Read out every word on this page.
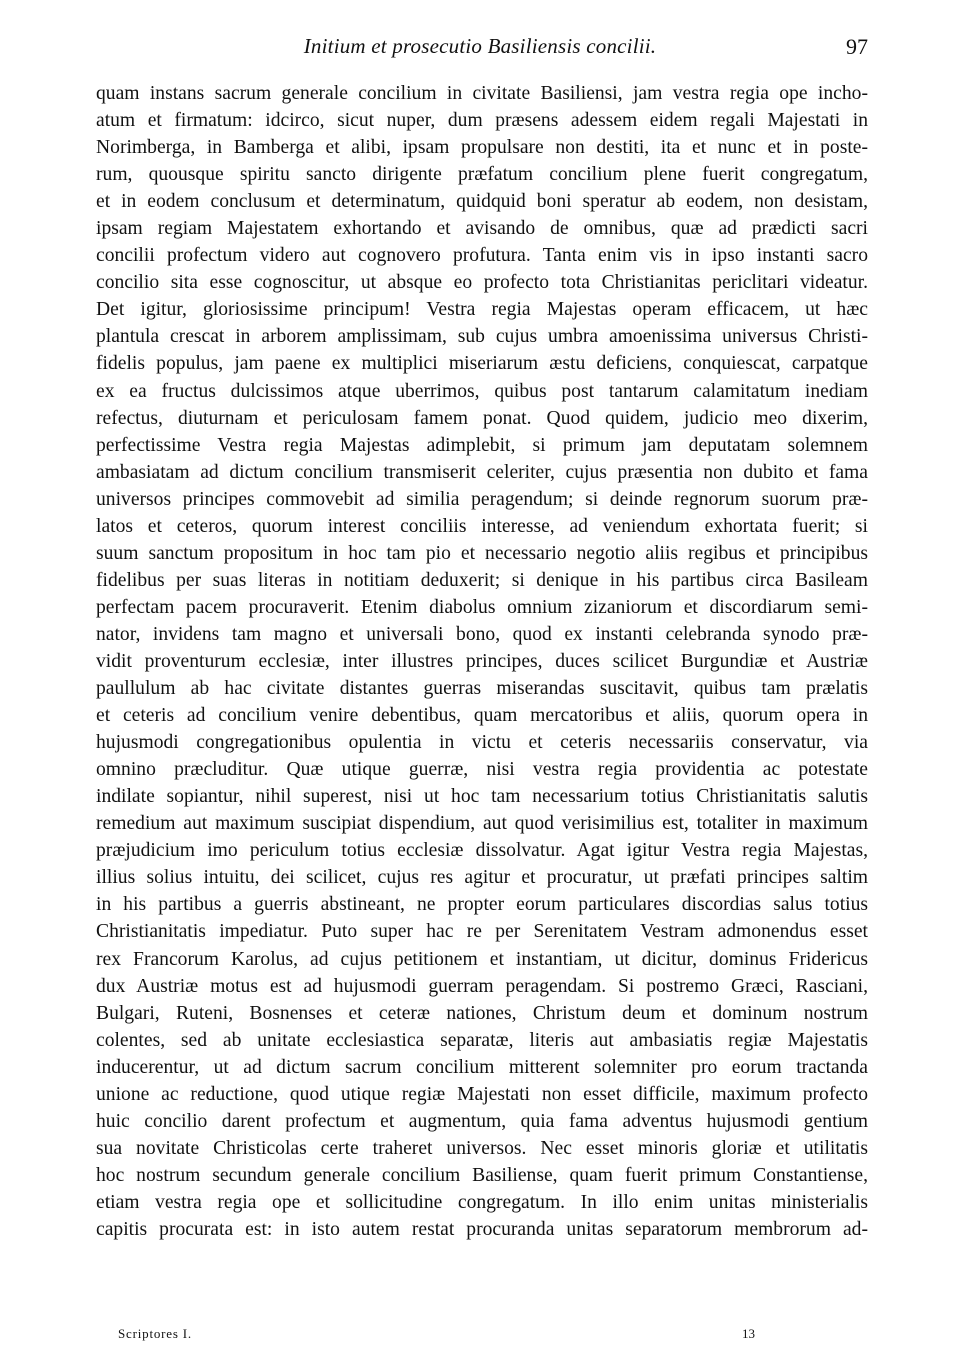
Initium et prosecutio Basiliensis concilii.	97
quam instans sacrum generale concilium in civitate Basiliensi, jam vestra regia ope incho-
atum et firmatum: idcirco, sicut nuper, dum præsens adessem eidem regali Majestati in
Norimberga, in Bamberga et alibi, ipsam propulsare non destiti, ita et nunc et in poste-
rum, quousque spiritu sancto dirigente præfatum concilium plene fuerit congregatum,
et in eodem conclusum et determinatum, quidquid boni speratur ab eodem, non desistam,
ipsam regiam Majestatem exhortando et avisando de omnibus, quæ ad prædicti sacri
concilii profectum videro aut cognovero profutura. Tanta enim vis in ipso instanti sacro
concilio sita esse cognoscitur, ut absque eo profecto tota Christianitas periclitari videatur.
Det igitur, gloriosissime principum! Vestra regia Majestas operam efficacem, ut hæc
plantula crescat in arborem amplissimam, sub cujus umbra amoenissima universus Christi-
fidelis populus, jam paene ex multiplici miseriarum æstu deficiens, conquiescat, carpatque
ex ea fructus dulcissimos atque uberrimos, quibus post tantarum calamitatum inediam
refectus, diuturnam et periculosam famem ponat. Quod quidem, judicio meo dixerim,
perfectissime Vestra regia Majestas adimplebit, si primum jam deputatam solemnem
ambasiatam ad dictum concilium transmiserit celeriter, cujus præsentia non dubito et fama
universos principes commovebit ad similia peragendum; si deinde regnorum suorum præ-
latos et ceteros, quorum interest conciliis interesse, ad veniendum exhortata fuerit; si
suum sanctum propositum in hoc tam pio et necessario negotio aliis regibus et principibus
fidelibus per suas literas in notitiam deduxerit; si denique in his partibus circa Basileam
perfectam pacem procuraverit. Etenim diabolus omnium zizaniorum et discordiarum semi-
nator, invidens tam magno et universali bono, quod ex instanti celebranda synodo præ-
vidit proventurum ecclesiæ, inter illustres principes, duces scilicet Burgundiæ et Austriæ
paullulum ab hac civitate distantes guerras miserandas suscitavit, quibus tam prælatis
et ceteris ad concilium venire debentibus, quam mercatoribus et aliis, quorum opera in
hujusmodi congregationibus opulentia in victu et ceteris necessariis conservatur, via
omnino præcluditur. Quæ utique guerræ, nisi vestra regia providentia ac potestate
indilate sopiantur, nihil superest, nisi ut hoc tam necessarium totius Christianitatis salutis
remedium aut maximum suscipiat dispendium, aut quod verisimilius est, totaliter in maximum
præjudicium imo periculum totius ecclesiæ dissolvatur. Agat igitur Vestra regia Majestas,
illius solius intuitu, dei scilicet, cujus res agitur et procuratur, ut præfati principes saltim
in his partibus a guerris abstineant, ne propter eorum particulares discordias salus totius
Christianitatis impediatur. Puto super hac re per Serenitatem Vestram admonendus esset
rex Francorum Karolus, ad cujus petitionem et instantiam, ut dicitur, dominus Fridericus
dux Austriæ motus est ad hujusmodi guerram peragendam. Si postremo Græci, Rasciani,
Bulgari, Ruteni, Bosnenses et ceteræ nationes, Christum deum et dominum nostrum
colentes, sed ab unitate ecclesiastica separatæ, literis aut ambasiatis regiæ Majestatis
inducerentur, ut ad dictum sacrum concilium mitterent solemniter pro eorum tractanda
unione ac reductione, quod utique regiæ Majestati non esset difficile, maximum profecto
huic concilio darent profectum et augmentum, quia fama adventus hujusmodi gentium
sua novitate Christicolas certe traheret universos. Nec esset minoris gloriæ et utilitatis
hoc nostrum secundum generale concilium Basiliense, quam fuerit primum Constantiense,
etiam vestra regia ope et sollicitudine congregatum. In illo enim unitas ministerialis
capitis procurata est: in isto autem restat procuranda unitas separatorum membrorum ad-
Scriptores I.	13
